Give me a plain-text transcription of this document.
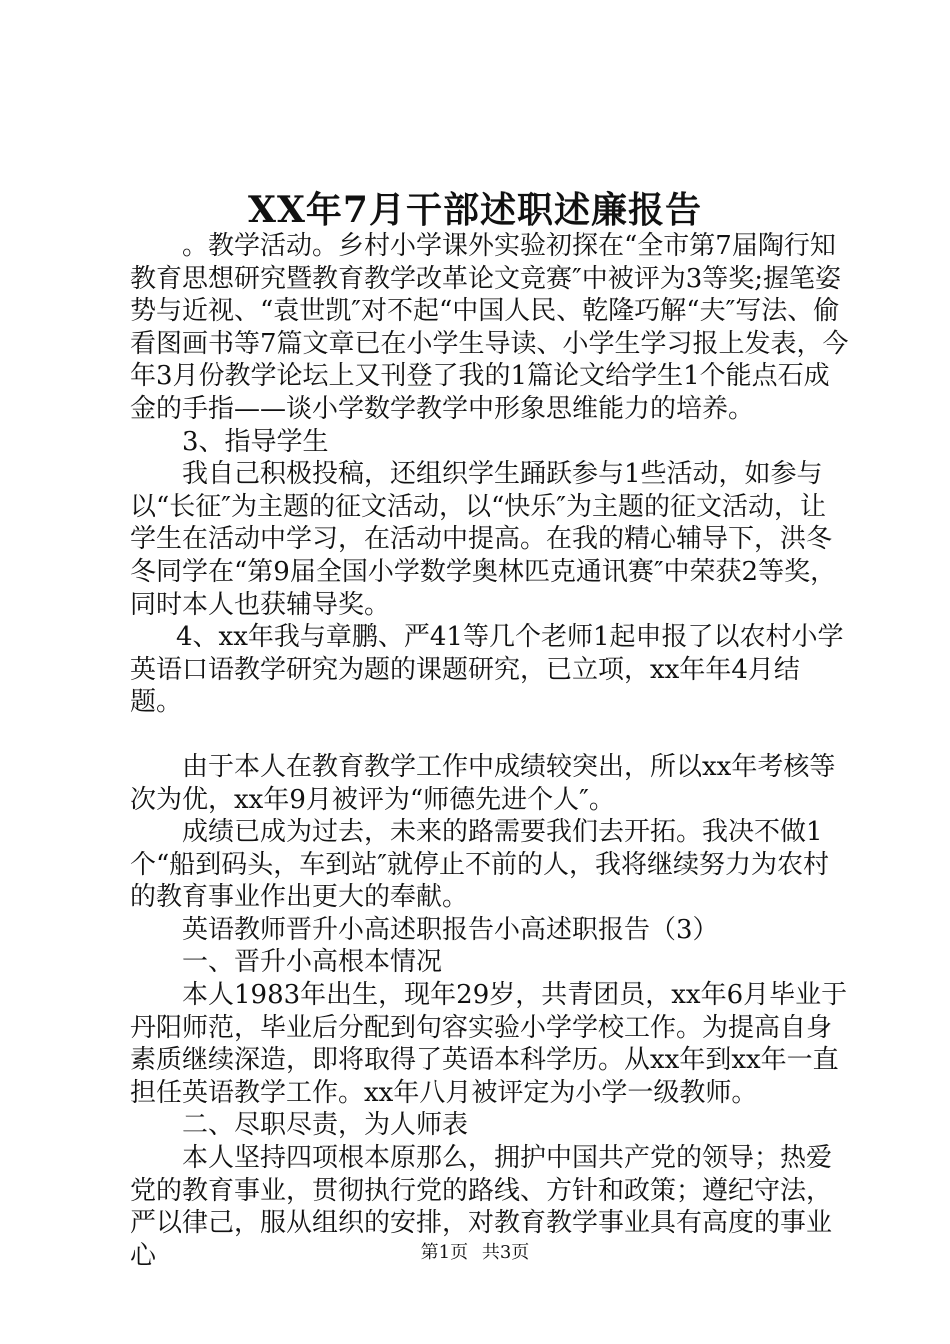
XX年7月干部述职述廉报告

。教学活动。乡村小学课外实验初探在“全市第7届陶行知教育思想研究暨教育教学改革论文竞赛″中被评为3等奖;握笔姿势与近视、“袁世凯″对不起“中国人民、乾隆巧解“夫″写法、偷看图画书等7篇文章已在小学生导读、小学生学习报上发表，今年3月份教学论坛上又刊登了我的1篇论文给学生1个能点石成金的手指——谈小学数学教学中形象思维能力的培养。

3、指导学生

我自己积极投稿，还组织学生踊跃参与1些活动，如参与以“长征″为主题的征文活动，以“快乐″为主题的征文活动，让学生在活动中学习，在活动中提高。在我的精心辅导下，洪冬冬同学在“第9届全国小学数学奥林匹克通讯赛″中荣获2等奖，同时本人也获辅导奖。

4、xx年我与章鹏、严41等几个老师1起申报了以农村小学英语口语教学研究为题的课题研究，已立项，xx年年4月结题。

由于本人在教育教学工作中成绩较突出，所以xx年考核等次为优，xx年9月被评为“师德先进个人″。

成绩已成为过去，未来的路需要我们去开拓。我决不做1个“船到码头，车到站″就停止不前的人，我将继续努力为农村的教育事业作出更大的奉献。

英语教师晋升小高述职报告小高述职报告（3）

一、晋升小高根本情况

本人1983年出生，现年29岁，共青团员，xx年6月毕业于丹阳师范，毕业后分配到句容实验小学学校工作。为提高自身素质继续深造，即将取得了英语本科学历。从xx年到xx年一直担任英语教学工作。xx年八月被评定为小学一级教师。

二、尽职尽责，为人师表

本人坚持四项根本原那么，拥护中国共产党的领导；热爱党的教育事业，贯彻执行党的路线、方针和政策；遵纪守法，严以律己，服从组织的安排，对教育教学事业具有高度的事业心	第1页 共3页
